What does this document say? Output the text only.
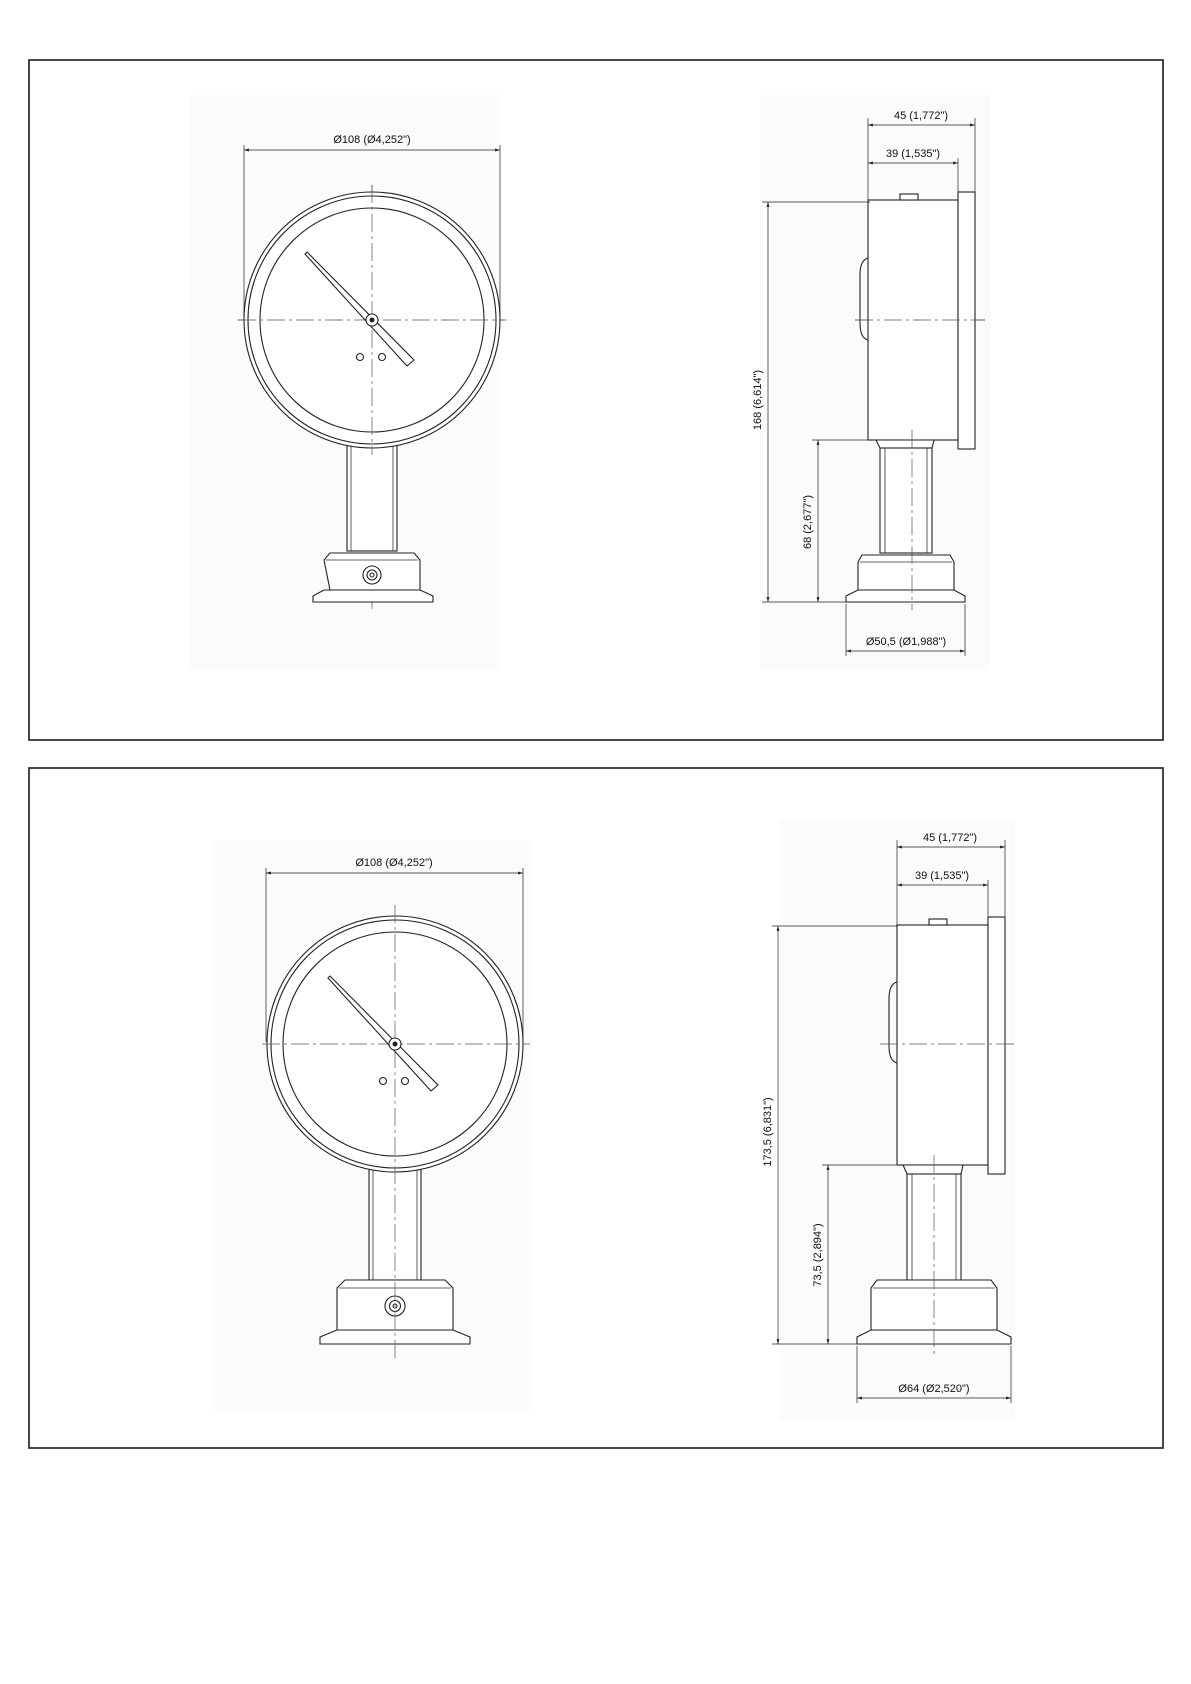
Ø108 (Ø4,252")
45 (1,772")
39 (1,535")
168 (6,614")
68 (2,677")
Ø50,5 (Ø1,988")
Ø108 (Ø4,252")
45 (1,772")
39 (1,535")
173,5 (6,831")
73,5 (2,894")
Ø64 (Ø2,520")
